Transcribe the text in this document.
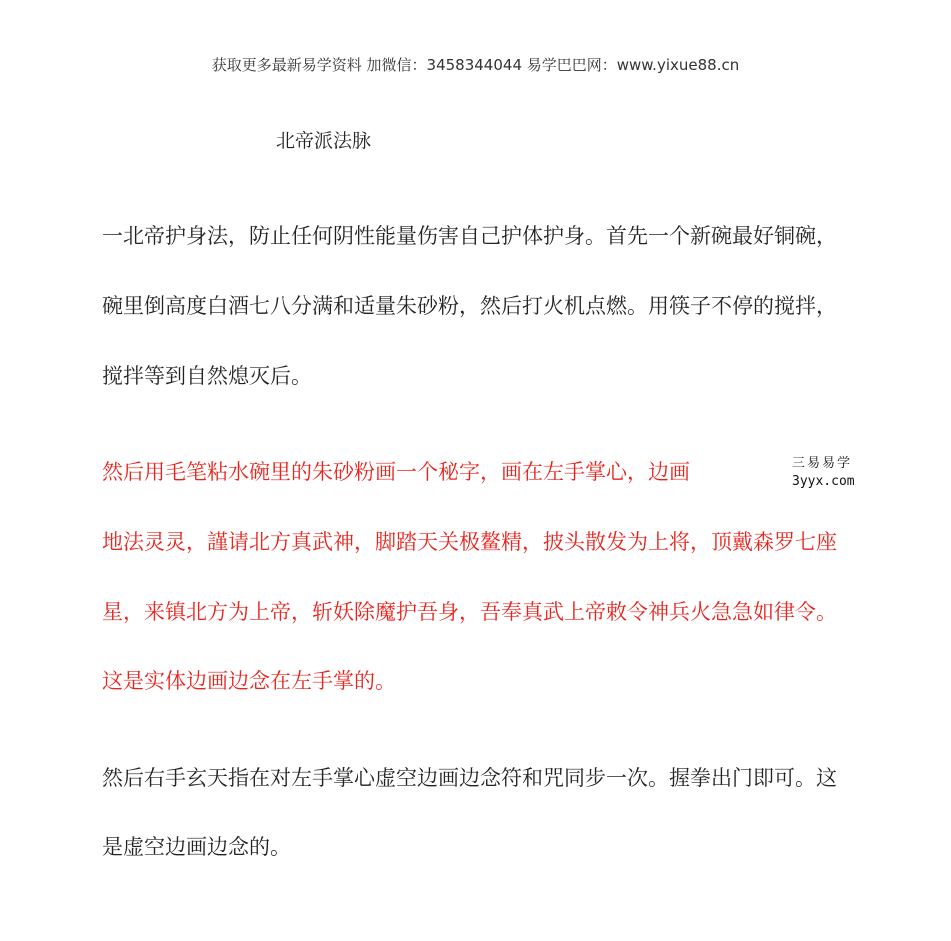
获取更多最新易学资料 加微信：3458344044 易学巴巴网：www.yixue88.cn
北帝派法脉
一北帝护身法，防止任何阴性能量伤害自己护体护身。首先一个新碗最好铜碗，
碗里倒高度白酒七八分满和适量朱砂粉，然后打火机点燃。用筷子不停的搅拌，
搅拌等到自然熄灭后。
然后用毛笔粘水碗里的朱砂粉画一个秘字，画在左手掌心，边画
地法灵灵，謹请北方真武神，脚踏天关极鳌精，披头散发为上将，顶戴森罗七座
星，来镇北方为上帝，斩妖除魔护吾身，吾奉真武上帝敕令神兵火急急如律令。
这是实体边画边念在左手掌的。
然后右手玄天指在对左手掌心虚空边画边念符和咒同步一次。握拳出门即可。这
是虚空边画边念的。
三易易学
3yyx.com
